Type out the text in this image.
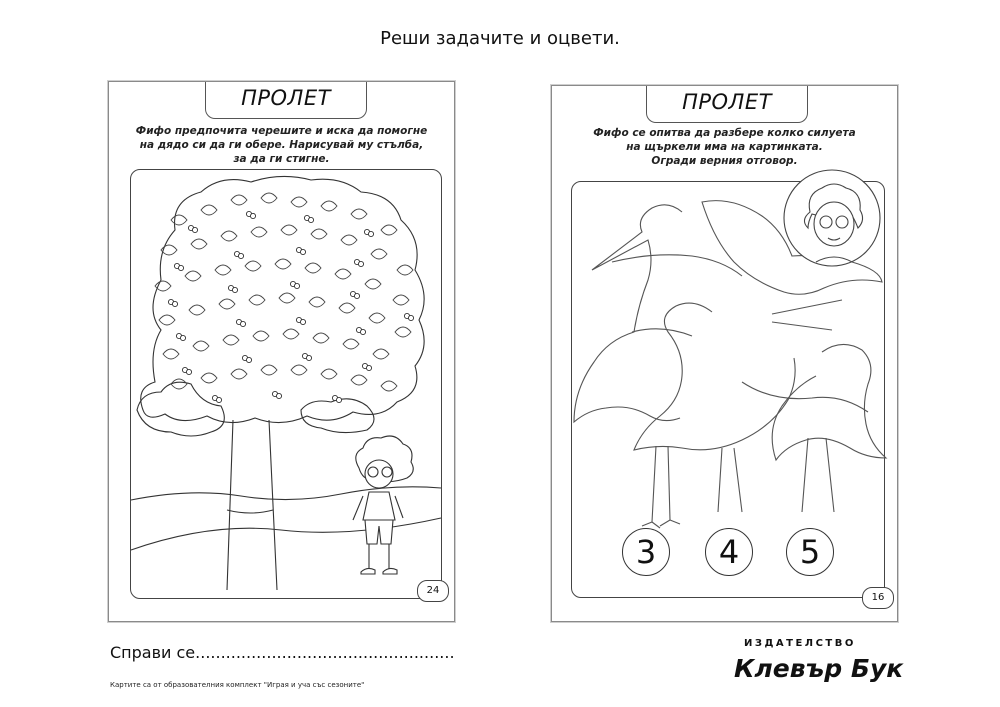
Реши задачите и оцвети.
ПРОЛЕТ
Фифо предпочита черешите и иска да помогне
на дядо си да ги обере. Нарисувай му стълба,
за да ги стигне.
24
ПРОЛЕТ
Фифо се опитва да разбере колко силуета
на щъркели има на картинката.
Огради верния отговор.
3	4	5
16
Справи се...................................................
Картите са от образователния комплект "Играя и уча със сезоните"
ИЗДАТЕЛСТВО
Клевър Бук
